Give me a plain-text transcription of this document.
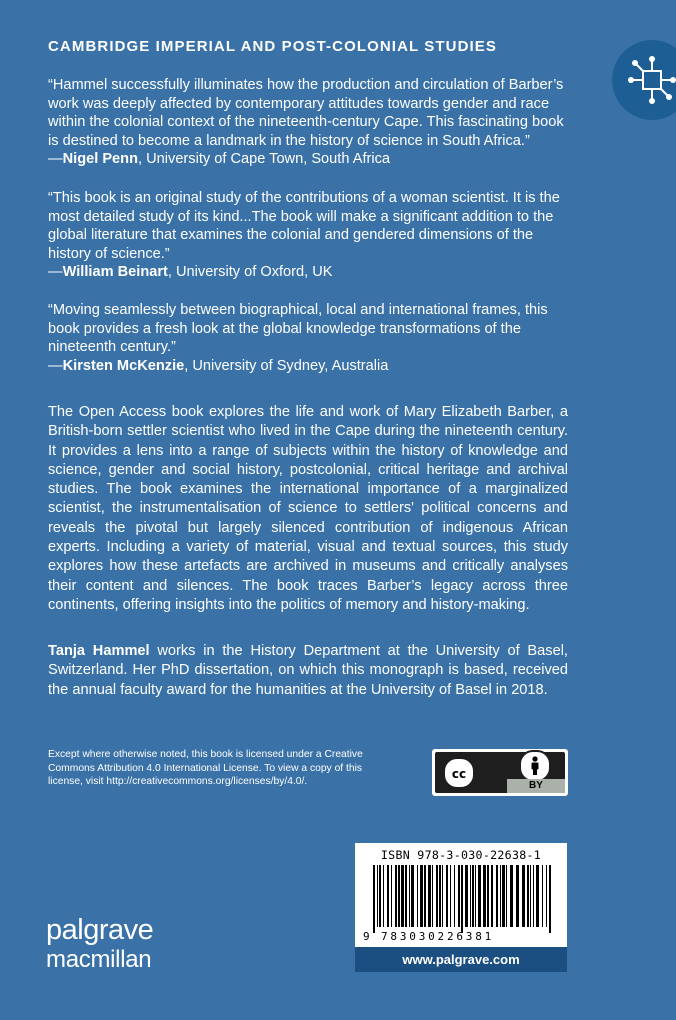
CAMBRIDGE IMPERIAL AND POST-COLONIAL STUDIES

“Hammel successfully illuminates how the production and circulation of Barber’s

work was deeply affected by contemporary attitudes towards gender and race

within the colonial context of the nineteenth-century Cape. This fascinating book

is destined to become a landmark in the history of science in South Africa.”

—Nigel Penn, University of Cape Town, South Africa

“This book is an original study of the contributions of a woman scientist. It is the

most detailed study of its kind...The book will make a significant addition to the

global literature that examines the colonial and gendered dimensions of the

history of science.”

—William Beinart, University of Oxford, UK

“Moving seamlessly between biographical, local and international frames, this

book provides a fresh look at the global knowledge transformations of the

nineteenth century.”

—Kirsten McKenzie, University of Sydney, Australia

The Open Access book explores the life and work of Mary Elizabeth Barber, a British-born settler scientist who lived in the Cape during the nineteenth century. It provides a lens into a range of subjects within the history of knowledge and science, gender and social history, postcolonial, critical heritage and archival studies. The book examines the international importance of a marginalized scientist, the instrumentalisation of science to settlers' political concerns and reveals the pivotal but largely silenced contribution of indigenous African experts. Including a variety of material, visual and textual sources, this study explores how these artefacts are archived in museums and critically analyses their content and silences. The book traces Barber’s legacy across three continents, offering insights into the politics of memory and history-making.

Tanja Hammel works in the History Department at the University of Basel, Switzerland. Her PhD dissertation, on which this monograph is based, received the annual faculty award for the humanities at the University of Basel in 2018.

Except where otherwise noted, this book is licensed under a Creative Commons Attribution 4.0 International License. To view a copy of this license, visit http://creativecommons.org/licenses/by/4.0/.

cc
BY
ISBN 978-3-030-22638-1
9 783030226381
www.palgrave.com
palgrave
macmillan
